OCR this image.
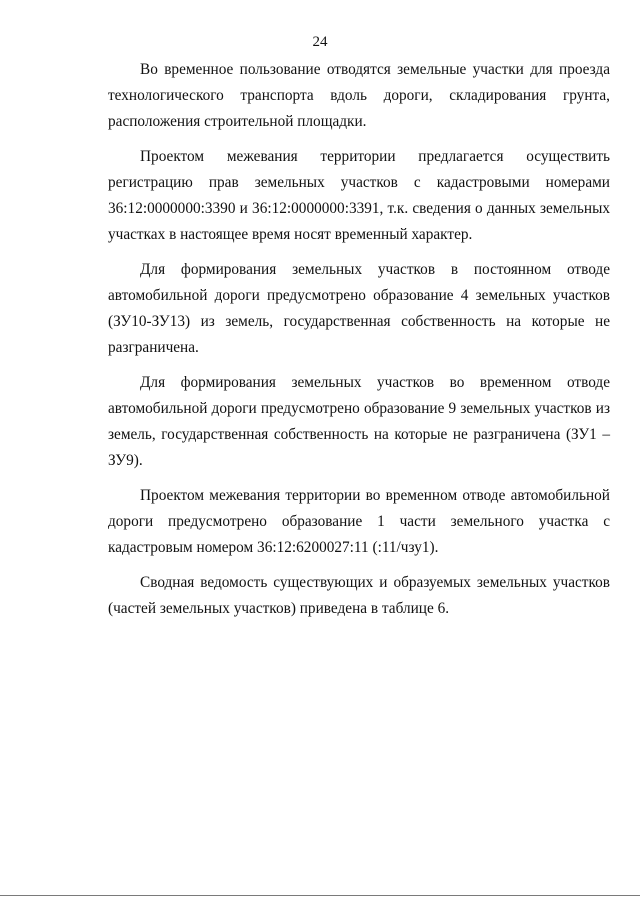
24

Во временное пользование отводятся земельные участки для проезда технологического транспорта вдоль дороги, складирования грунта, расположения строительной площадки.

Проектом межевания территории предлагается осуществить регистрацию прав земельных участков с кадастровыми номерами 36:12:0000000:3390 и 36:12:0000000:3391, т.к. сведения о данных земельных участках в настоящее время носят временный характер.

Для формирования земельных участков в постоянном отводе автомобильной дороги предусмотрено образование 4 земельных участков (ЗУ10-ЗУ13) из земель, государственная собственность на которые не разграничена.

Для формирования земельных участков во временном отводе автомобильной дороги предусмотрено образование 9 земельных участков из земель, государственная собственность на которые не разграничена (ЗУ1 – ЗУ9).

Проектом межевания территории во временном отводе автомобильной дороги предусмотрено образование 1 части земельного участка с кадастровым номером 36:12:6200027:11 (:11/чзу1).

Сводная ведомость существующих и образуемых земельных участков (частей земельных участков) приведена в таблице 6.
